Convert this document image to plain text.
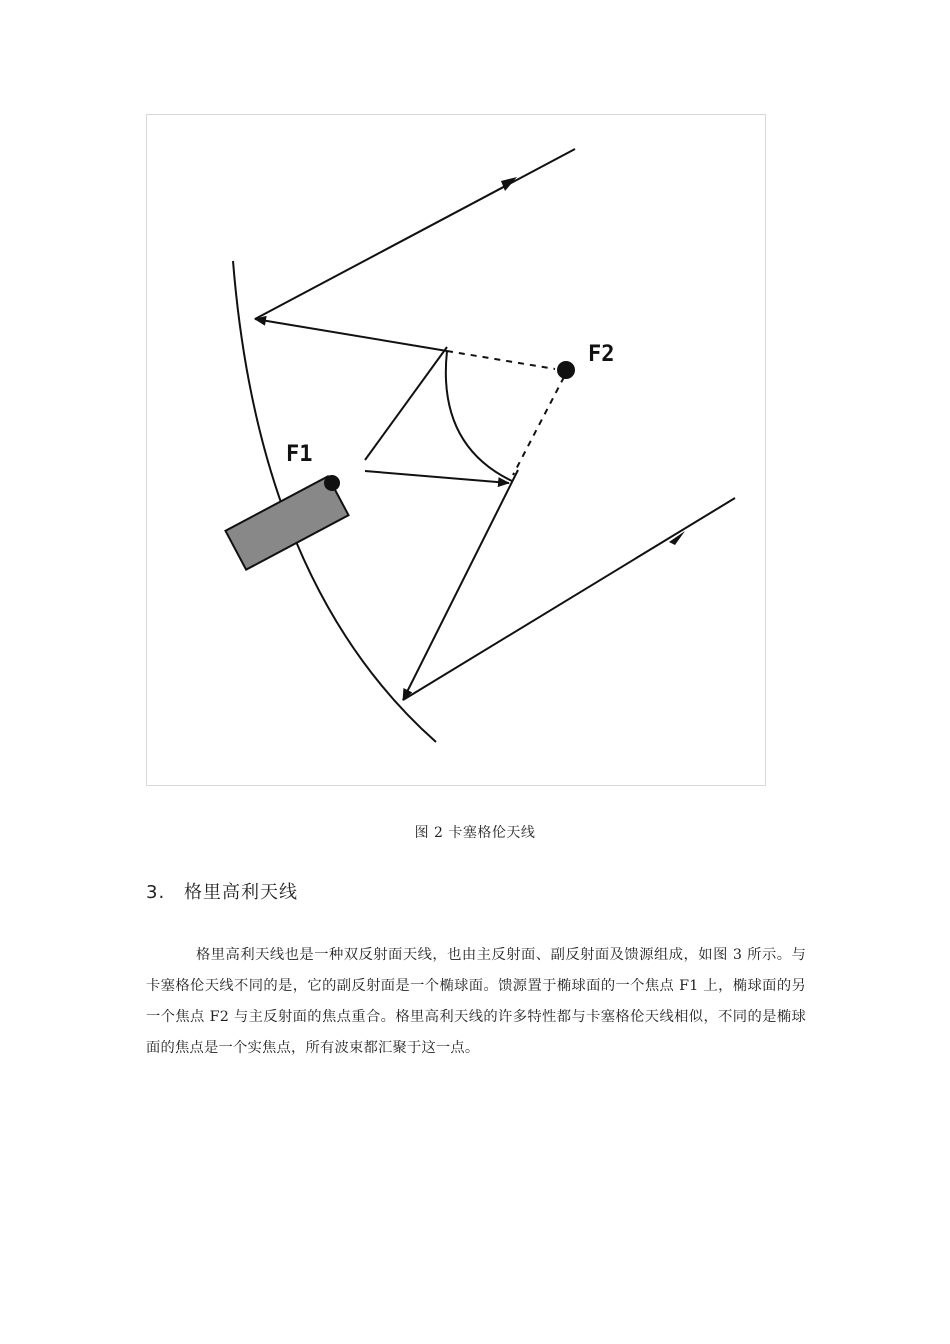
F1
F2
图 2 卡塞格伦天线
3. 格里高利天线

格里高利天线也是一种双反射面天线，也由主反射面、副反射面及馈源组成，如图 3 所示。与卡塞格伦天线不同的是，它的副反射面是一个椭球面。馈源置于椭球面的一个焦点 F1 上，椭球面的另一个焦点 F2 与主反射面的焦点重合。格里高利天线的许多特性都与卡塞格伦天线相似，不同的是椭球面的焦点是一个实焦点，所有波束都汇聚于这一点。
